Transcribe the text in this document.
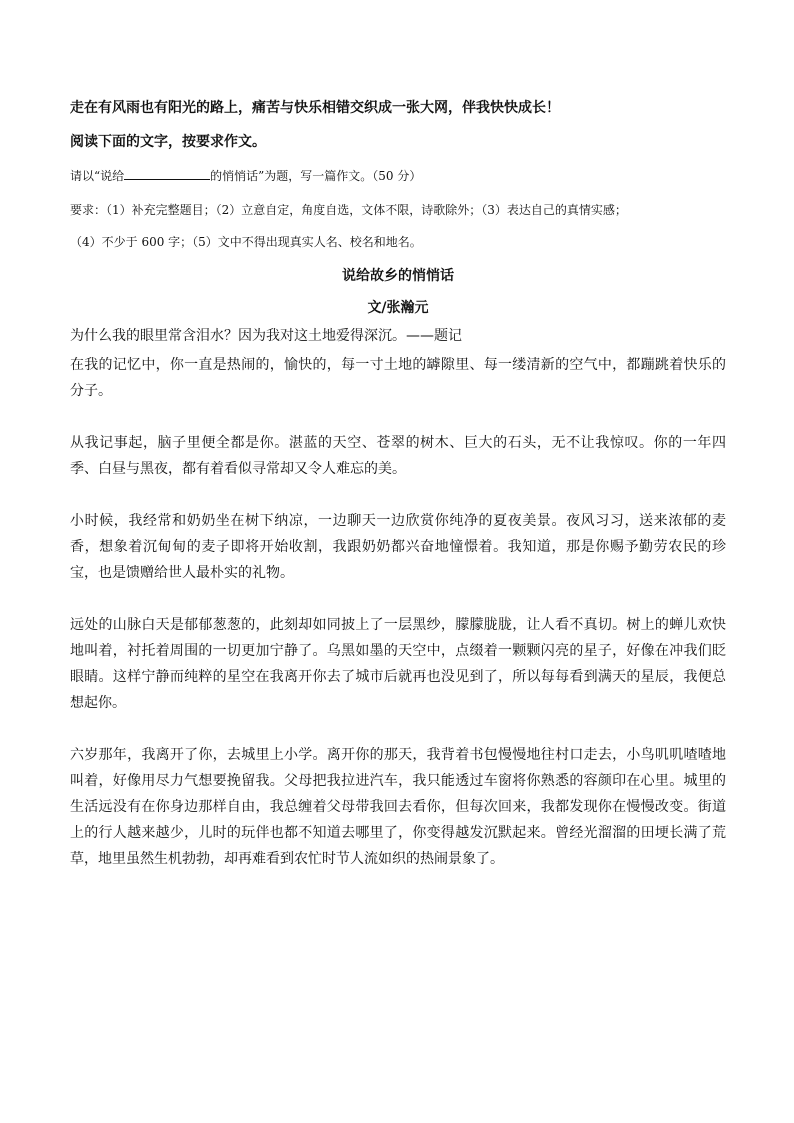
走在有风雨也有阳光的路上，痛苦与快乐相错交织成一张大网，伴我快快成长！
阅读下面的文字，按要求作文。
请以“说给	的悄悄话”为题，写一篇作文。（50 分）
要求：（1）补充完整题目；（2）立意自定，角度自选，文体不限，诗歌除外；（3）表达自己的真情实感；
（4）不少于 600 字；（5）文中不得出现真实人名、校名和地名。
说给故乡的悄悄话
文/张瀚元
为什么我的眼里常含泪水？因为我对这土地爱得深沉。——题记
在我的记忆中，你一直是热闹的，愉快的，每一寸土地的罅隙里、每一缕清新的空气中，都蹦跳着快乐的分子。
从我记事起，脑子里便全都是你。湛蓝的天空、苍翠的树木、巨大的石头，无不让我惊叹。你的一年四季、白昼与黑夜，都有着看似寻常却又令人难忘的美。
小时候，我经常和奶奶坐在树下纳凉，一边聊天一边欣赏你纯净的夏夜美景。夜风习习，送来浓郁的麦香，想象着沉甸甸的麦子即将开始收割，我跟奶奶都兴奋地憧憬着。我知道，那是你赐予勤劳农民的珍宝，也是馈赠给世人最朴实的礼物。
远处的山脉白天是郁郁葱葱的，此刻却如同披上了一层黑纱，朦朦胧胧，让人看不真切。树上的蝉儿欢快地叫着，衬托着周围的一切更加宁静了。乌黑如墨的天空中，点缀着一颗颗闪亮的星子，好像在冲我们眨眼睛。这样宁静而纯粹的星空在我离开你去了城市后就再也没见到了，所以每每看到满天的星辰，我便总想起你。
六岁那年，我离开了你，去城里上小学。离开你的那天，我背着书包慢慢地往村口走去，小鸟叽叽喳喳地叫着，好像用尽力气想要挽留我。父母把我拉进汽车，我只能透过车窗将你熟悉的容颜印在心里。城里的生活远没有在你身边那样自由，我总缠着父母带我回去看你，但每次回来，我都发现你在慢慢改变。街道上的行人越来越少，儿时的玩伴也都不知道去哪里了，你变得越发沉默起来。曾经光溜溜的田埂长满了荒草，地里虽然生机勃勃，却再难看到农忙时节人流如织的热闹景象了。
